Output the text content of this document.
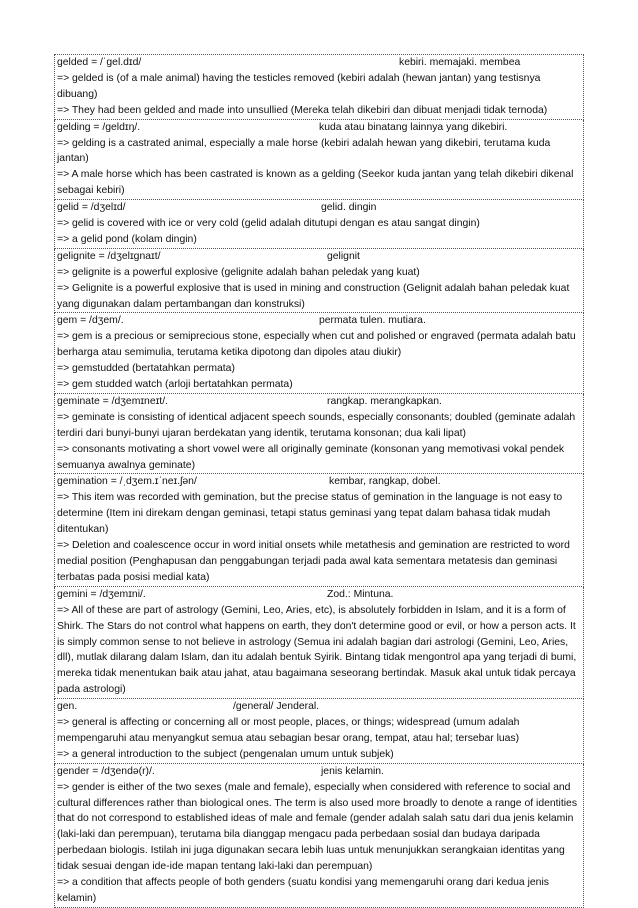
gelded = /ˈgel.dɪd/	kebiri. memajaki. membea
=> gelded is (of a male animal) having the testicles removed (kebiri adalah (hewan jantan) yang testisnya dibuang)
=> They had been gelded and made into unsullied (Mereka telah dikebiri dan dibuat menjadi tidak ternoda)
gelding = /geldɪŋ/.	kuda atau binatang lainnya yang dikebiri.
=> gelding is a castrated animal, especially a male horse (kebiri adalah hewan yang dikebiri, terutama kuda jantan)
=> A male horse which has been castrated is known as a gelding (Seekor kuda jantan yang telah dikebiri dikenal sebagai kebiri)
gelid = /dʒelɪd/	gelid. dingin
=> gelid is covered with ice or very cold (gelid adalah ditutupi dengan es atau sangat dingin)
=> a gelid pond (kolam dingin)
gelignite = /dʒelɪgnaɪt/	gelignit
=> gelignite is a powerful explosive (gelignite adalah bahan peledak yang kuat)
=> Gelignite is a powerful explosive that is used in mining and construction (Gelignit adalah bahan peledak kuat yang digunakan dalam pertambangan dan konstruksi)
gem = /dʒem/.	permata tulen. mutiara.
=> gem is a precious or semiprecious stone, especially when cut and polished or engraved (permata adalah batu berharga atau semimulia, terutama ketika dipotong dan dipoles atau diukir)
=> gemstudded (bertatahkan permata)
=> gem studded watch (arloji bertatahkan permata)
geminate = /dʒemɪneɪt/.	rangkap. merangkapkan.
=> geminate is consisting of identical adjacent speech sounds, especially consonants; doubled (geminate adalah terdiri dari bunyi-bunyi ujaran berdekatan yang identik, terutama konsonan; dua kali lipat)
=> consonants motivating a short vowel were all originally geminate (konsonan yang memotivasi vokal pendek semuanya awalnya geminate)
gemination = /ˌdʒem.ɪˈneɪ.ʃən/	kembar, rangkap, dobel.
=> This item was recorded with gemination, but the precise status of gemination in the language is not easy to determine (Item ini direkam dengan geminasi, tetapi status geminasi yang tepat dalam bahasa tidak mudah ditentukan)
=> Deletion and coalescence occur in word initial onsets while metathesis and gemination are restricted to word medial position (Penghapusan dan penggabungan terjadi pada awal kata sementara metatesis dan geminasi terbatas pada posisi medial kata)
gemini = /dʒemɪni/.	Zod.: Mintuna.
=> All of these are part of astrology (Gemini, Leo, Aries, etc), is absolutely forbidden in Islam, and it is a form of Shirk. The Stars do not control what happens on earth, they don't determine good or evil, or how a person acts. It is simply common sense to not believe in astrology (Semua ini adalah bagian dari astrologi (Gemini, Leo, Aries, dll), mutlak dilarang dalam Islam, dan itu adalah bentuk Syirik. Bintang tidak mengontrol apa yang terjadi di bumi, mereka tidak menentukan baik atau jahat, atau bagaimana seseorang bertindak. Masuk akal untuk tidak percaya pada astrologi)
gen.	/general/ Jenderal.
=> general is affecting or concerning all or most people, places, or things; widespread (umum adalah mempengaruhi atau menyangkut semua atau sebagian besar orang, tempat, atau hal; tersebar luas)
=> a general introduction to the subject (pengenalan umum untuk subjek)
gender = /dʒendə(r)/.	jenis kelamin.
=> gender is either of the two sexes (male and female), especially when considered with reference to social and cultural differences rather than biological ones. The term is also used more broadly to denote a range of identities that do not correspond to established ideas of male and female (gender adalah salah satu dari dua jenis kelamin (laki-laki dan perempuan), terutama bila dianggap mengacu pada perbedaan sosial dan budaya daripada perbedaan biologis. Istilah ini juga digunakan secara lebih luas untuk menunjukkan serangkaian identitas yang tidak sesuai dengan ide-ide mapan tentang laki-laki dan perempuan)
=> a condition that affects people of both genders (suatu kondisi yang memengaruhi orang dari kedua jenis kelamin)
